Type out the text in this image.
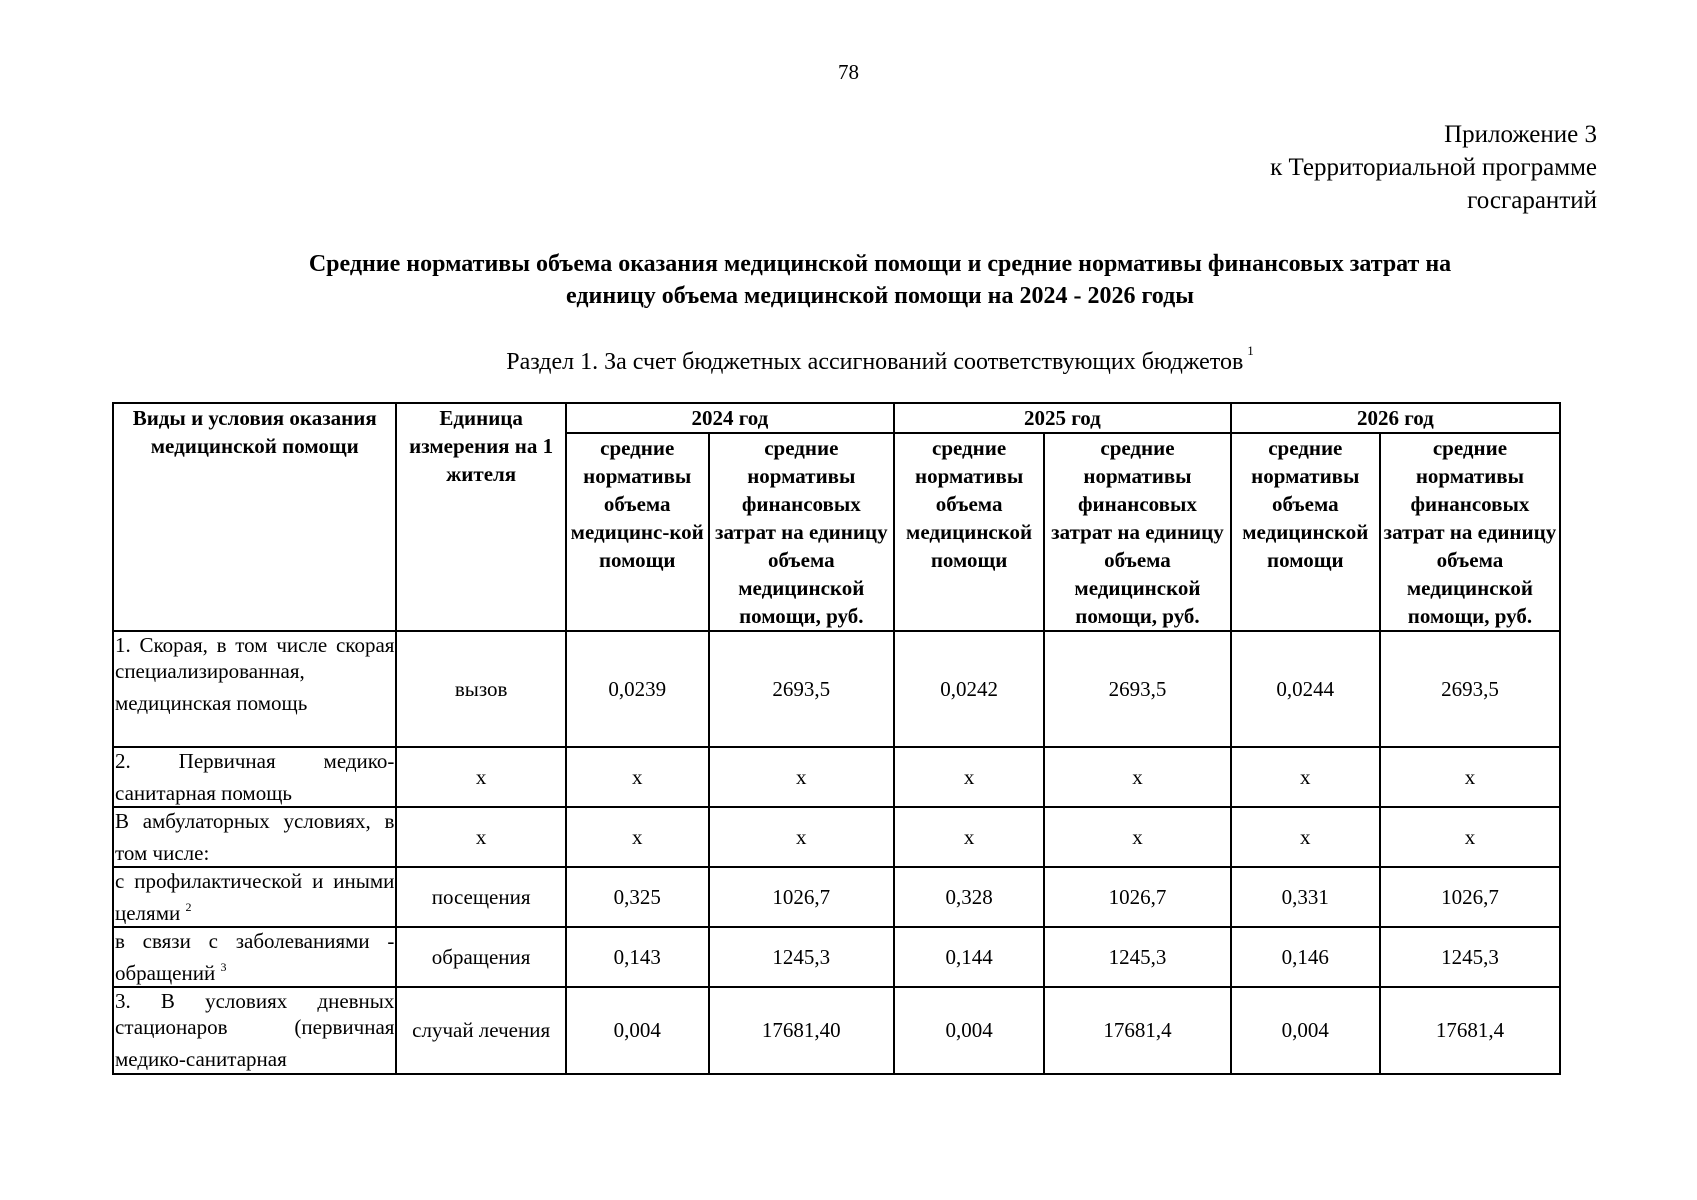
78
Приложение 3
к Территориальной программе
госгарантий
Средние нормативы объема оказания медицинской помощи и средние нормативы финансовых затрат на
единицу объема медицинской помощи на 2024 - 2026 годы
Раздел 1. За счет бюджетных ассигнований соответствующих бюджетов $^1$
Виды и условия оказания медицинской помощи	Единица измерения на 1 жителя	2024 год		2025 год		2026 год	
		средние нормативы объема медицинс-кой помощи	средние нормативы финансовых затрат на единицу объема медицинской помощи, руб.	средние нормативы объема медицинской помощи	средние нормативы финансовых затрат на единицу объема медицинской помощи, руб.	средние нормативы объема медицинской помощи	средние нормативы финансовых затрат на единицу объема медицинской помощи, руб.
1. Скорая, в том числе скорая специализированная, медицинская помощь	вызов	0,0239	2693,5	0,0242	2693,5	0,0244	2693,5
2. Первичная медико-санитарная помощь	х	х	х	х	х	х	х
В амбулаторных условиях, в том числе:	х	х	х	х	х	х	х
с профилактической и иными целями $^2$	посещения	0,325	1026,7	0,328	1026,7	0,331	1026,7
в связи с заболеваниями - обращений $^3$	обращения	0,143	1245,3	0,144	1245,3	0,146	1245,3
3. В условиях дневных стационаров (первичная медико-санитарная	случай лечения	0,004	17681,40	0,004	17681,4	0,004	17681,4
